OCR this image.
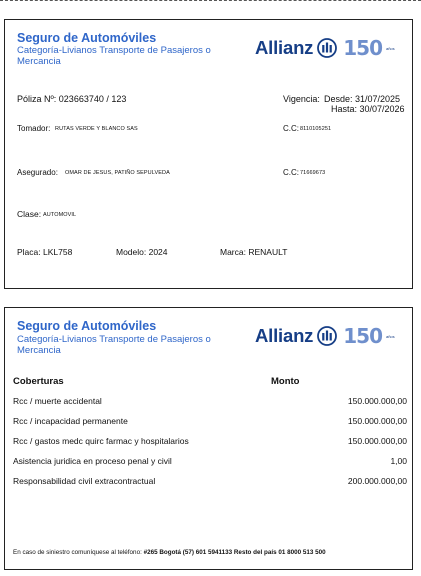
Seguro de Automóviles
Categoría-Livianos Transporte de Pasajeros o Mercancia
Allianz 150 años
Póliza Nº: 023663740 / 123	Vigencia: Desde: 31/07/2025
Hasta: 30/07/2026
Tomador: RUTAS VERDE Y BLANCO SAS	C.C: 8110105251
Asegurado: OMAR DE JESUS, PATIÑO SEPULVEDA	C.C: 71669673
Clase: AUTOMOVIL
Placa: LKL758	Modelo: 2024	Marca: RENAULT
Seguro de Automóviles
Categoría-Livianos Transporte de Pasajeros o Mercancia
Allianz 150 años
Coberturas	Monto
Rcc / muerte accidental	150.000.000,00
Rcc / incapacidad permanente	150.000.000,00
Rcc / gastos medc quirc farmac y hospitalarios	150.000.000,00
Asistencia juridica en proceso penal y civil	1,00
Responsabilidad civil extracontractual	200.000.000,00
En caso de siniestro comuníquese al teléfono: #265 Bogotá (57) 601 5941133 Resto del país 01 8000 513 500
